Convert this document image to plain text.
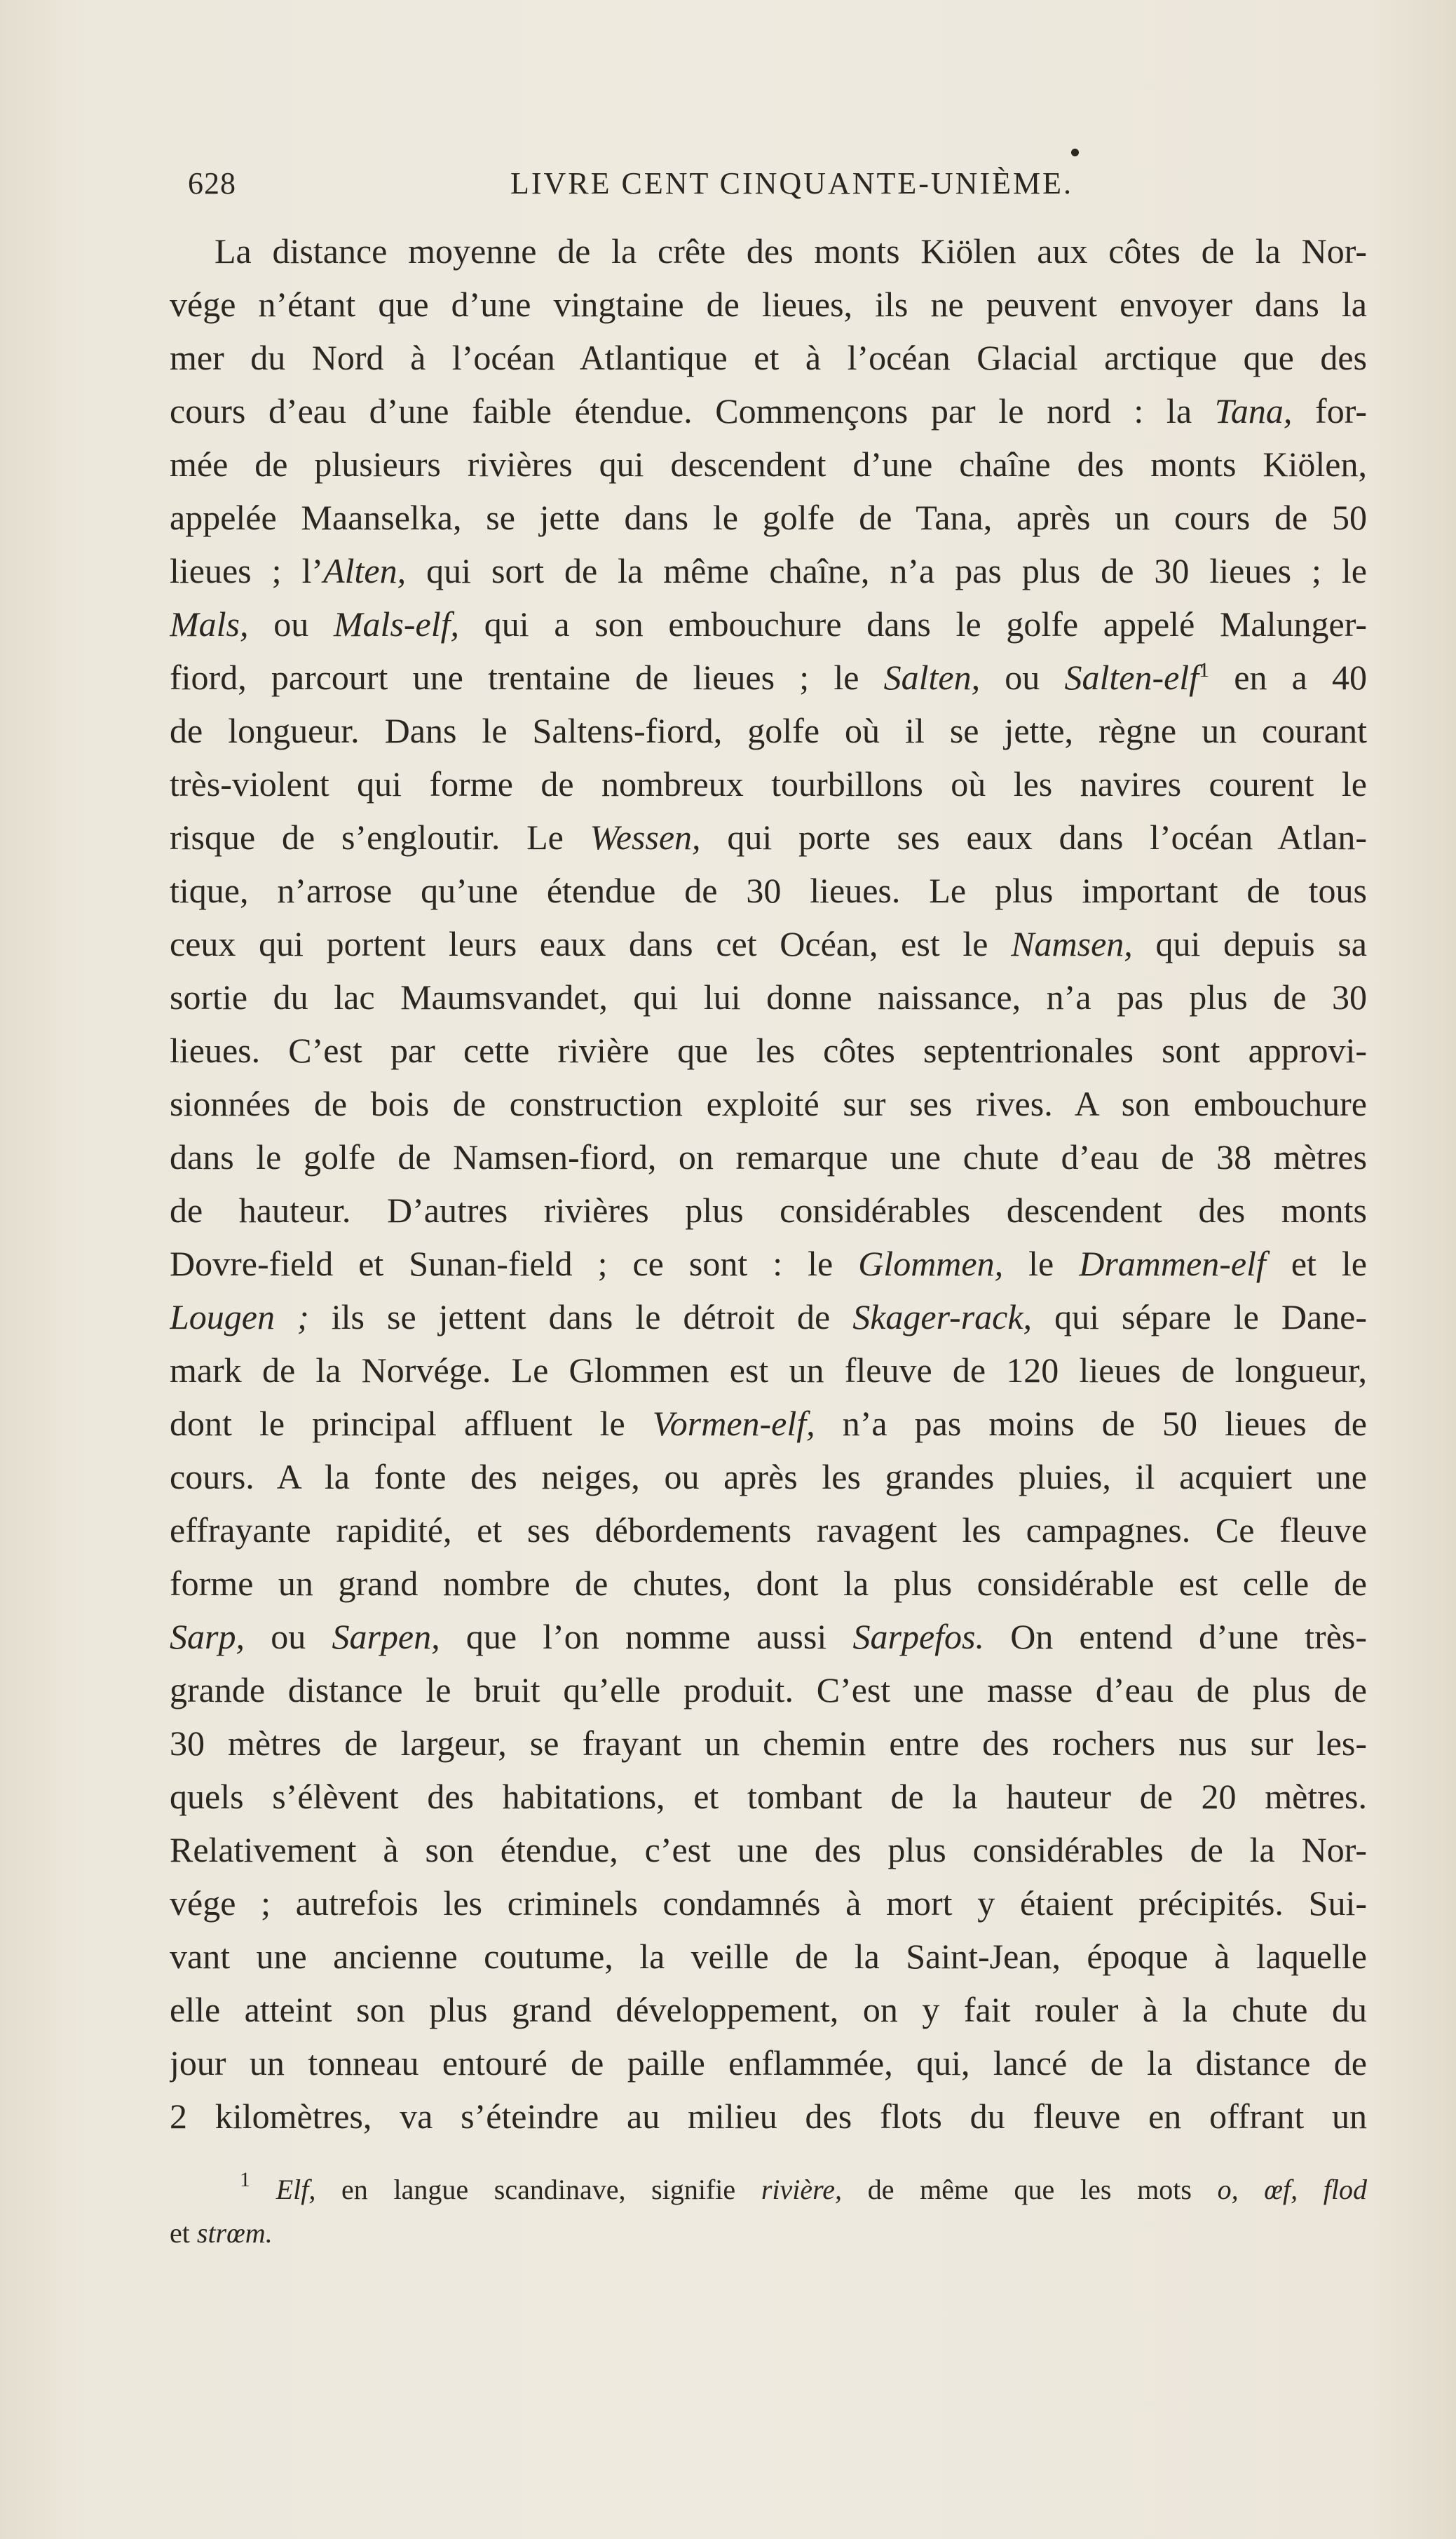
628	LIVRE CENT CINQUANTE-UNIÈME.
La distance moyenne de la crête des monts Kiölen aux côtes de la Nor-
vége n’étant que d’une vingtaine de lieues, ils ne peuvent envoyer dans la
mer du Nord à l’océan Atlantique et à l’océan Glacial arctique que des
cours d’eau d’une faible étendue. Commençons par le nord : la Tana, for-
mée de plusieurs rivières qui descendent d’une chaîne des monts Kiölen,
appelée Maanselka, se jette dans le golfe de Tana, après un cours de 50
lieues ; l’Alten, qui sort de la même chaîne, n’a pas plus de 30 lieues ; le
Mals, ou Mals-elf, qui a son embouchure dans le golfe appelé Malunger-
fiord, parcourt une trentaine de lieues ; le Salten, ou Salten-elf$^1$ en a 40
de longueur. Dans le Saltens-fiord, golfe où il se jette, règne un courant
très-violent qui forme de nombreux tourbillons où les navires courent le
risque de s’engloutir. Le Wessen, qui porte ses eaux dans l’océan Atlan-
tique, n’arrose qu’une étendue de 30 lieues. Le plus important de tous
ceux qui portent leurs eaux dans cet Océan, est le Namsen, qui depuis sa
sortie du lac Maumsvandet, qui lui donne naissance, n’a pas plus de 30
lieues. C’est par cette rivière que les côtes septentrionales sont approvi-
sionnées de bois de construction exploité sur ses rives. A son embouchure
dans le golfe de Namsen-fiord, on remarque une chute d’eau de 38 mètres
de hauteur. D’autres rivières plus considérables descendent des monts
Dovre-field et Sunan-field ; ce sont : le Glommen, le Drammen-elf et le
Lougen ; ils se jettent dans le détroit de Skager-rack, qui sépare le Dane-
mark de la Norvége. Le Glommen est un fleuve de 120 lieues de longueur,
dont le principal affluent le Vormen-elf, n’a pas moins de 50 lieues de
cours. A la fonte des neiges, ou après les grandes pluies, il acquiert une
effrayante rapidité, et ses débordements ravagent les campagnes. Ce fleuve
forme un grand nombre de chutes, dont la plus considérable est celle de
Sarp, ou Sarpen, que l’on nomme aussi Sarpefos. On entend d’une très-
grande distance le bruit qu’elle produit. C’est une masse d’eau de plus de
30 mètres de largeur, se frayant un chemin entre des rochers nus sur les-
quels s’élèvent des habitations, et tombant de la hauteur de 20 mètres.
Relativement à son étendue, c’est une des plus considérables de la Nor-
vége ; autrefois les criminels condamnés à mort y étaient précipités. Sui-
vant une ancienne coutume, la veille de la Saint-Jean, époque à laquelle
elle atteint son plus grand développement, on y fait rouler à la chute du
jour un tonneau entouré de paille enflammée, qui, lancé de la distance de
2 kilomètres, va s’éteindre au milieu des flots du fleuve en offrant un
$^1$ Elf, en langue scandinave, signifie rivière, de même que les mots o, œf, flod
et strœm.
